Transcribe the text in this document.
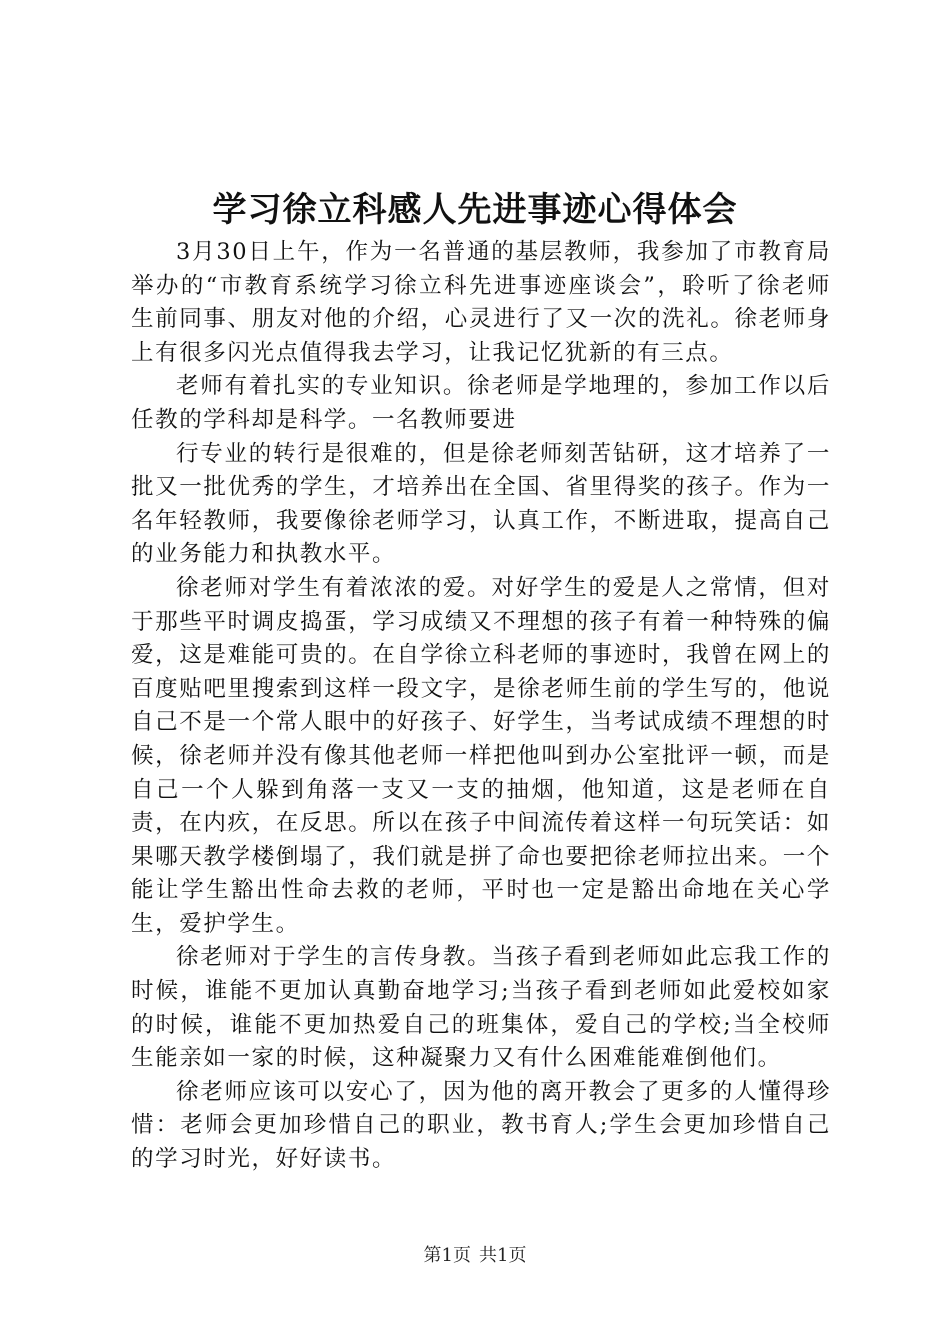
学习徐立科感人先进事迹心得体会

3月30日上午，作为一名普通的基层教师，我参加了市教育局举办的“市教育系统学习徐立科先进事迹座谈会”，聆听了徐老师生前同事、朋友对他的介绍，心灵进行了又一次的洗礼。徐老师身上有很多闪光点值得我去学习，让我记忆犹新的有三点。

老师有着扎实的专业知识。徐老师是学地理的，参加工作以后任教的学科却是科学。一名教师要进

行专业的转行是很难的，但是徐老师刻苦钻研，这才培养了一批又一批优秀的学生，才培养出在全国、省里得奖的孩子。作为一名年轻教师，我要像徐老师学习，认真工作，不断进取，提高自己的业务能力和执教水平。

徐老师对学生有着浓浓的爱。对好学生的爱是人之常情，但对于那些平时调皮捣蛋，学习成绩又不理想的孩子有着一种特殊的偏爱，这是难能可贵的。在自学徐立科老师的事迹时，我曾在网上的百度贴吧里搜索到这样一段文字，是徐老师生前的学生写的，他说自己不是一个常人眼中的好孩子、好学生，当考试成绩不理想的时候，徐老师并没有像其他老师一样把他叫到办公室批评一顿，而是自己一个人躲到角落一支又一支的抽烟，他知道，这是老师在自责，在内疚，在反思。所以在孩子中间流传着这样一句玩笑话：如果哪天教学楼倒塌了，我们就是拼了命也要把徐老师拉出来。一个能让学生豁出性命去救的老师，平时也一定是豁出命地在关心学生，爱护学生。

徐老师对于学生的言传身教。当孩子看到老师如此忘我工作的时候，谁能不更加认真勤奋地学习;当孩子看到老师如此爱校如家的时候，谁能不更加热爱自己的班集体，爱自己的学校;当全校师生能亲如一家的时候，这种凝聚力又有什么困难能难倒他们。

徐老师应该可以安心了，因为他的离开教会了更多的人懂得珍惜：老师会更加珍惜自己的职业，教书育人;学生会更加珍惜自己的学习时光，好好读书。

第1页 共1页
